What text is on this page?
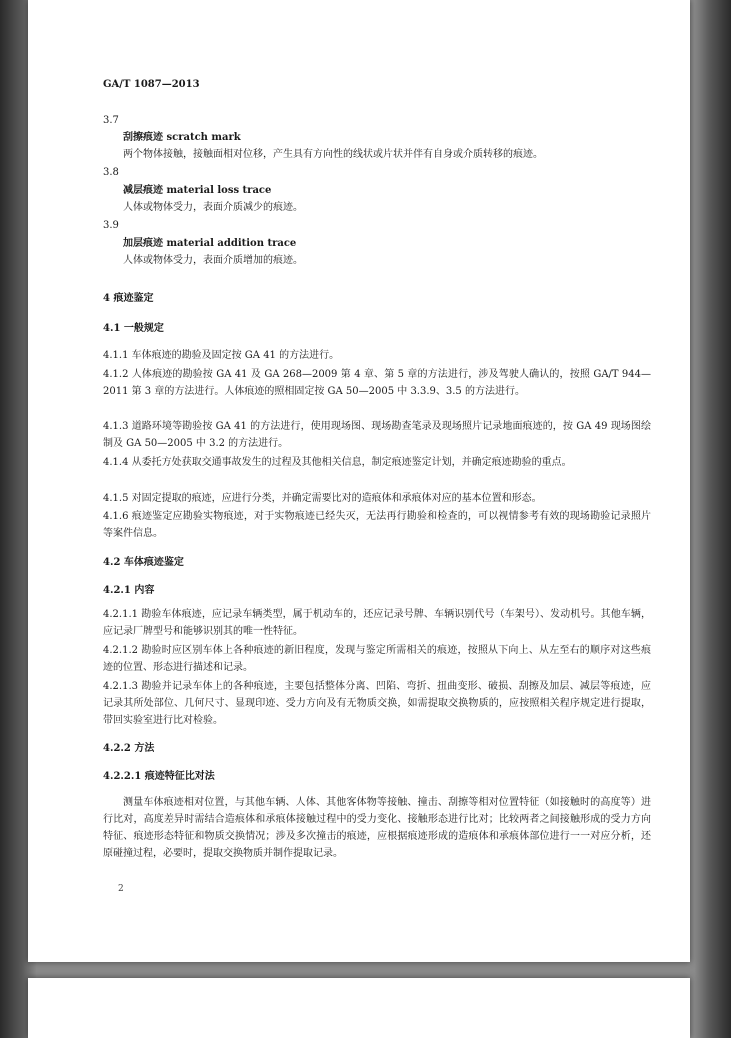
GA/T 1087—2013
3.7
刮擦痕迹 scratch mark
两个物体接触，接触面相对位移，产生具有方向性的线状或片状并伴有自身或介质转移的痕迹。
3.8
减层痕迹 material loss trace
人体或物体受力，表面介质减少的痕迹。
3.9
加层痕迹 material addition trace
人体或物体受力，表面介质增加的痕迹。
4 痕迹鉴定
4.1 一般规定
4.1.1 车体痕迹的勘验及固定按 GA 41 的方法进行。
4.1.2 人体痕迹的勘验按 GA 41 及 GA 268—2009 第 4 章、第 5 章的方法进行，涉及驾驶人确认的，按照 GA/T 944—2011 第 3 章的方法进行。人体痕迹的照相固定按 GA 50—2005 中 3.3.9、3.5 的方法进行。
4.1.3 道路环境等勘验按 GA 41 的方法进行，使用现场图、现场勘查笔录及现场照片记录地面痕迹的，按 GA 49 现场图绘制及 GA 50—2005 中 3.2 的方法进行。
4.1.4 从委托方处获取交通事故发生的过程及其他相关信息，制定痕迹鉴定计划，并确定痕迹勘验的重点。
4.1.5 对固定提取的痕迹，应进行分类，并确定需要比对的造痕体和承痕体对应的基本位置和形态。
4.1.6 痕迹鉴定应勘验实物痕迹，对于实物痕迹已经失灭，无法再行勘验和检查的，可以视情参考有效的现场勘验记录照片等案件信息。
4.2 车体痕迹鉴定
4.2.1 内容
4.2.1.1 勘验车体痕迹，应记录车辆类型，属于机动车的，还应记录号牌、车辆识别代号（车架号）、发动机号。其他车辆，应记录厂牌型号和能够识别其的唯一性特征。
4.2.1.2 勘验时应区别车体上各种痕迹的新旧程度，发现与鉴定所需相关的痕迹，按照从下向上、从左至右的顺序对这些痕迹的位置、形态进行描述和记录。
4.2.1.3 勘验并记录车体上的各种痕迹，主要包括整体分离、凹陷、弯折、扭曲变形、破损、刮擦及加层、减层等痕迹，应记录其所处部位、几何尺寸、显现印迹、受力方向及有无物质交换，如需提取交换物质的，应按照相关程序规定进行提取，带回实验室进行比对检验。
4.2.2 方法
4.2.2.1 痕迹特征比对法
测量车体痕迹相对位置，与其他车辆、人体、其他客体物等接触、撞击、刮擦等相对位置特征（如接触时的高度等）进行比对，高度差异时需结合造痕体和承痕体接触过程中的受力变化、接触形态进行比对；比较两者之间接触形成的受力方向特征、痕迹形态特征和物质交换情况；涉及多次撞击的痕迹，应根据痕迹形成的造痕体和承痕体部位进行一一对应分析，还原碰撞过程，必要时，提取交换物质并制作提取记录。
2
